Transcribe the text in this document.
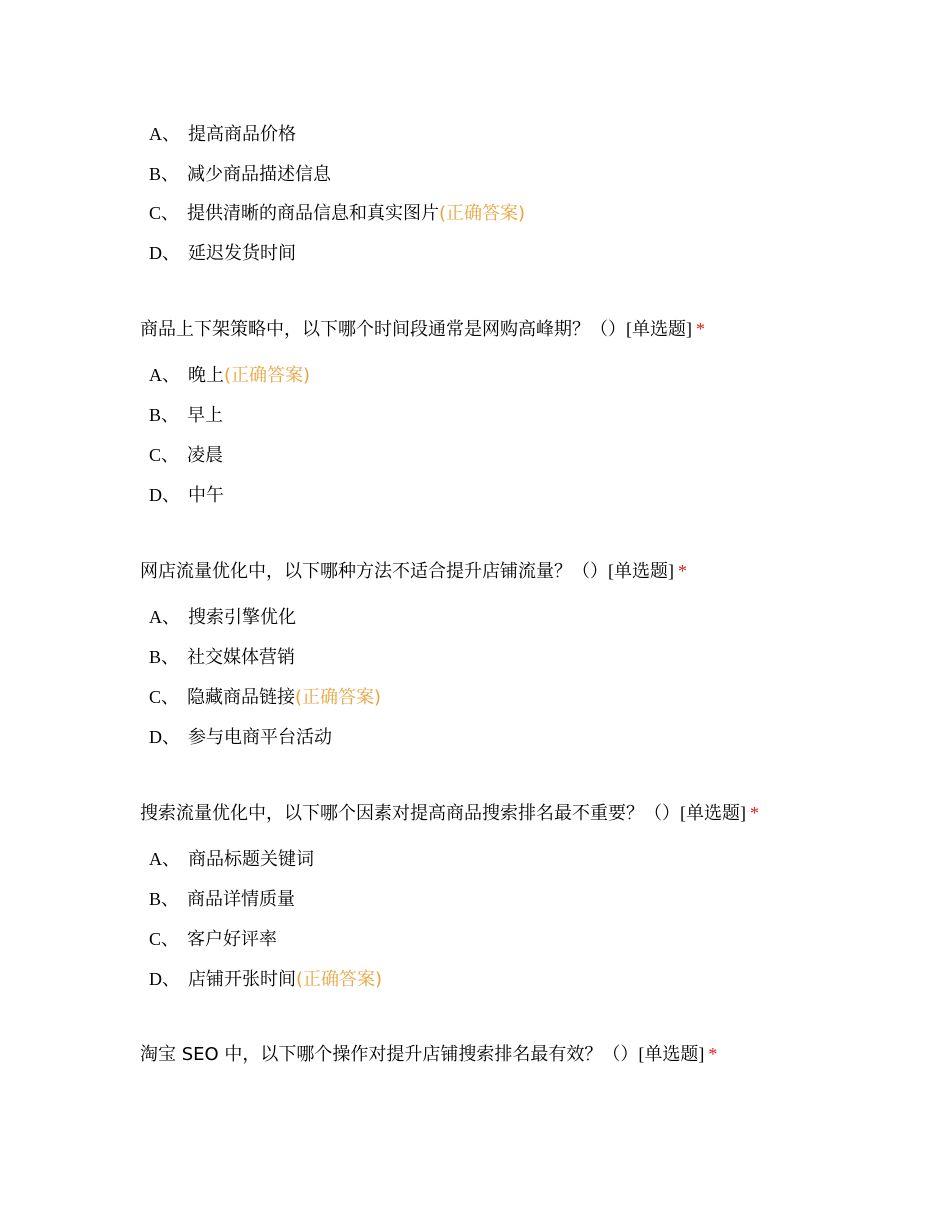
A、 提高商品价格
B、 减少商品描述信息
C、 提供清晰的商品信息和真实图片(正确答案)
D、 延迟发货时间
商品上下架策略中，以下哪个时间段通常是网购高峰期？（）[单选题] *
A、 晚上(正确答案)
B、 早上
C、 凌晨
D、 中午
网店流量优化中，以下哪种方法不适合提升店铺流量？（）[单选题] *
A、 搜索引擎优化
B、 社交媒体营销
C、 隐藏商品链接(正确答案)
D、 参与电商平台活动
搜索流量优化中，以下哪个因素对提高商品搜索排名最不重要？（）[单选题] *
A、 商品标题关键词
B、 商品详情质量
C、 客户好评率
D、 店铺开张时间(正确答案)
淘宝 SEO 中，以下哪个操作对提升店铺搜索排名最有效？（）[单选题] *
